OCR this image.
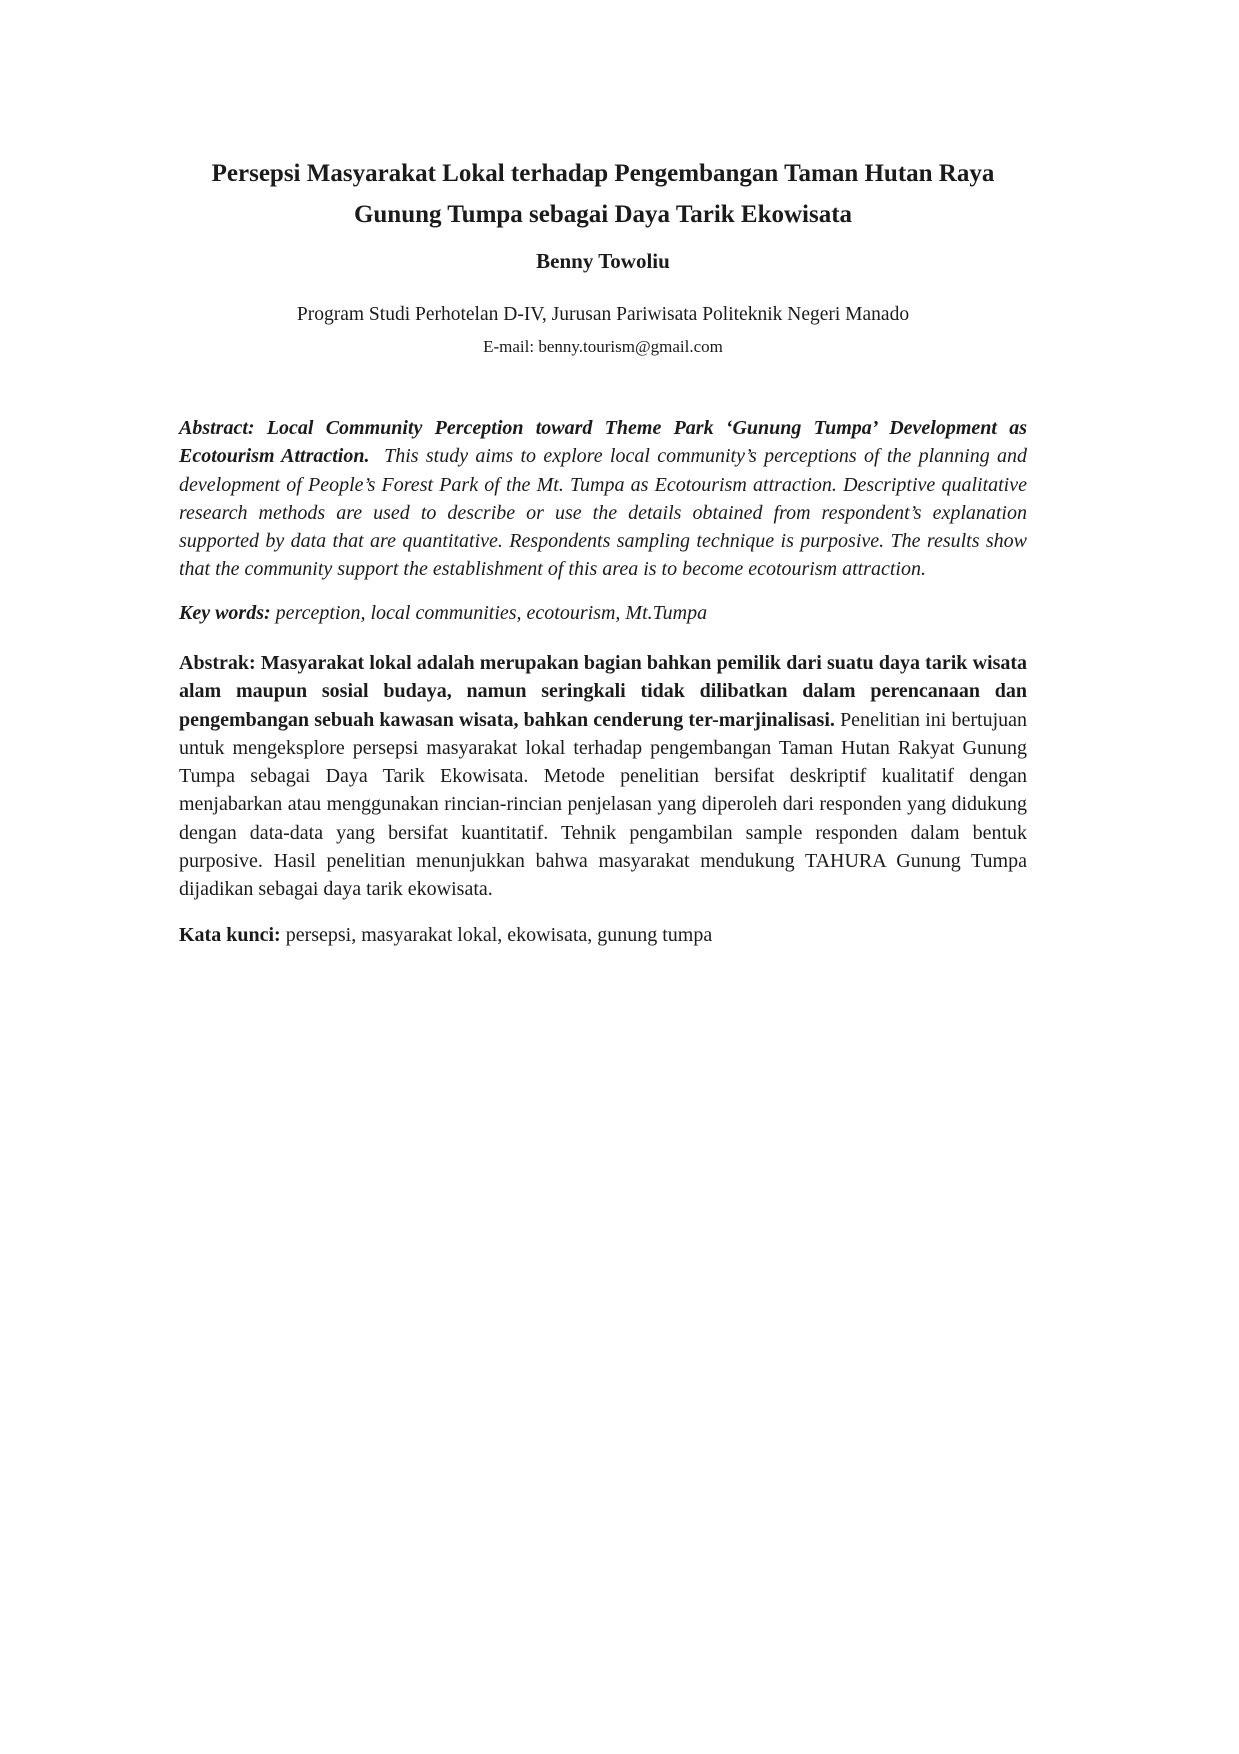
Persepsi Masyarakat Lokal terhadap Pengembangan Taman Hutan Raya
Gunung Tumpa sebagai Daya Tarik Ekowisata
Benny Towoliu
Program Studi Perhotelan D-IV, Jurusan Pariwisata Politeknik Negeri Manado
E-mail: benny.tourism@gmail.com

Abstract: Local Community Perception toward Theme Park ‘Gunung Tumpa’ Development as Ecotourism Attraction. This study aims to explore local community’s perceptions of the planning and development of People’s Forest Park of the Mt. Tumpa as Ecotourism attraction. Descriptive qualitative research methods are used to describe or use the details obtained from respondent’s explanation supported by data that are quantitative. Respondents sampling technique is purposive. The results show that the community support the establishment of this area is to become ecotourism attraction.

Key words: perception, local communities, ecotourism, Mt.Tumpa

Abstrak: Masyarakat lokal adalah merupakan bagian bahkan pemilik dari suatu daya tarik wisata alam maupun sosial budaya, namun seringkali tidak dilibatkan dalam perencanaan dan pengembangan sebuah kawasan wisata, bahkan cenderung ter-marjinalisasi. Penelitian ini bertujuan untuk mengeksplore persepsi masyarakat lokal terhadap pengembangan Taman Hutan Rakyat Gunung Tumpa sebagai Daya Tarik Ekowisata. Metode penelitian bersifat deskriptif kualitatif dengan menjabarkan atau menggunakan rincian-rincian penjelasan yang diperoleh dari responden yang didukung dengan data-data yang bersifat kuantitatif. Tehnik pengambilan sample responden dalam bentuk purposive. Hasil penelitian menunjukkan bahwa masyarakat mendukung TAHURA Gunung Tumpa dijadikan sebagai daya tarik ekowisata.

Kata kunci: persepsi, masyarakat lokal, ekowisata, gunung tumpa
